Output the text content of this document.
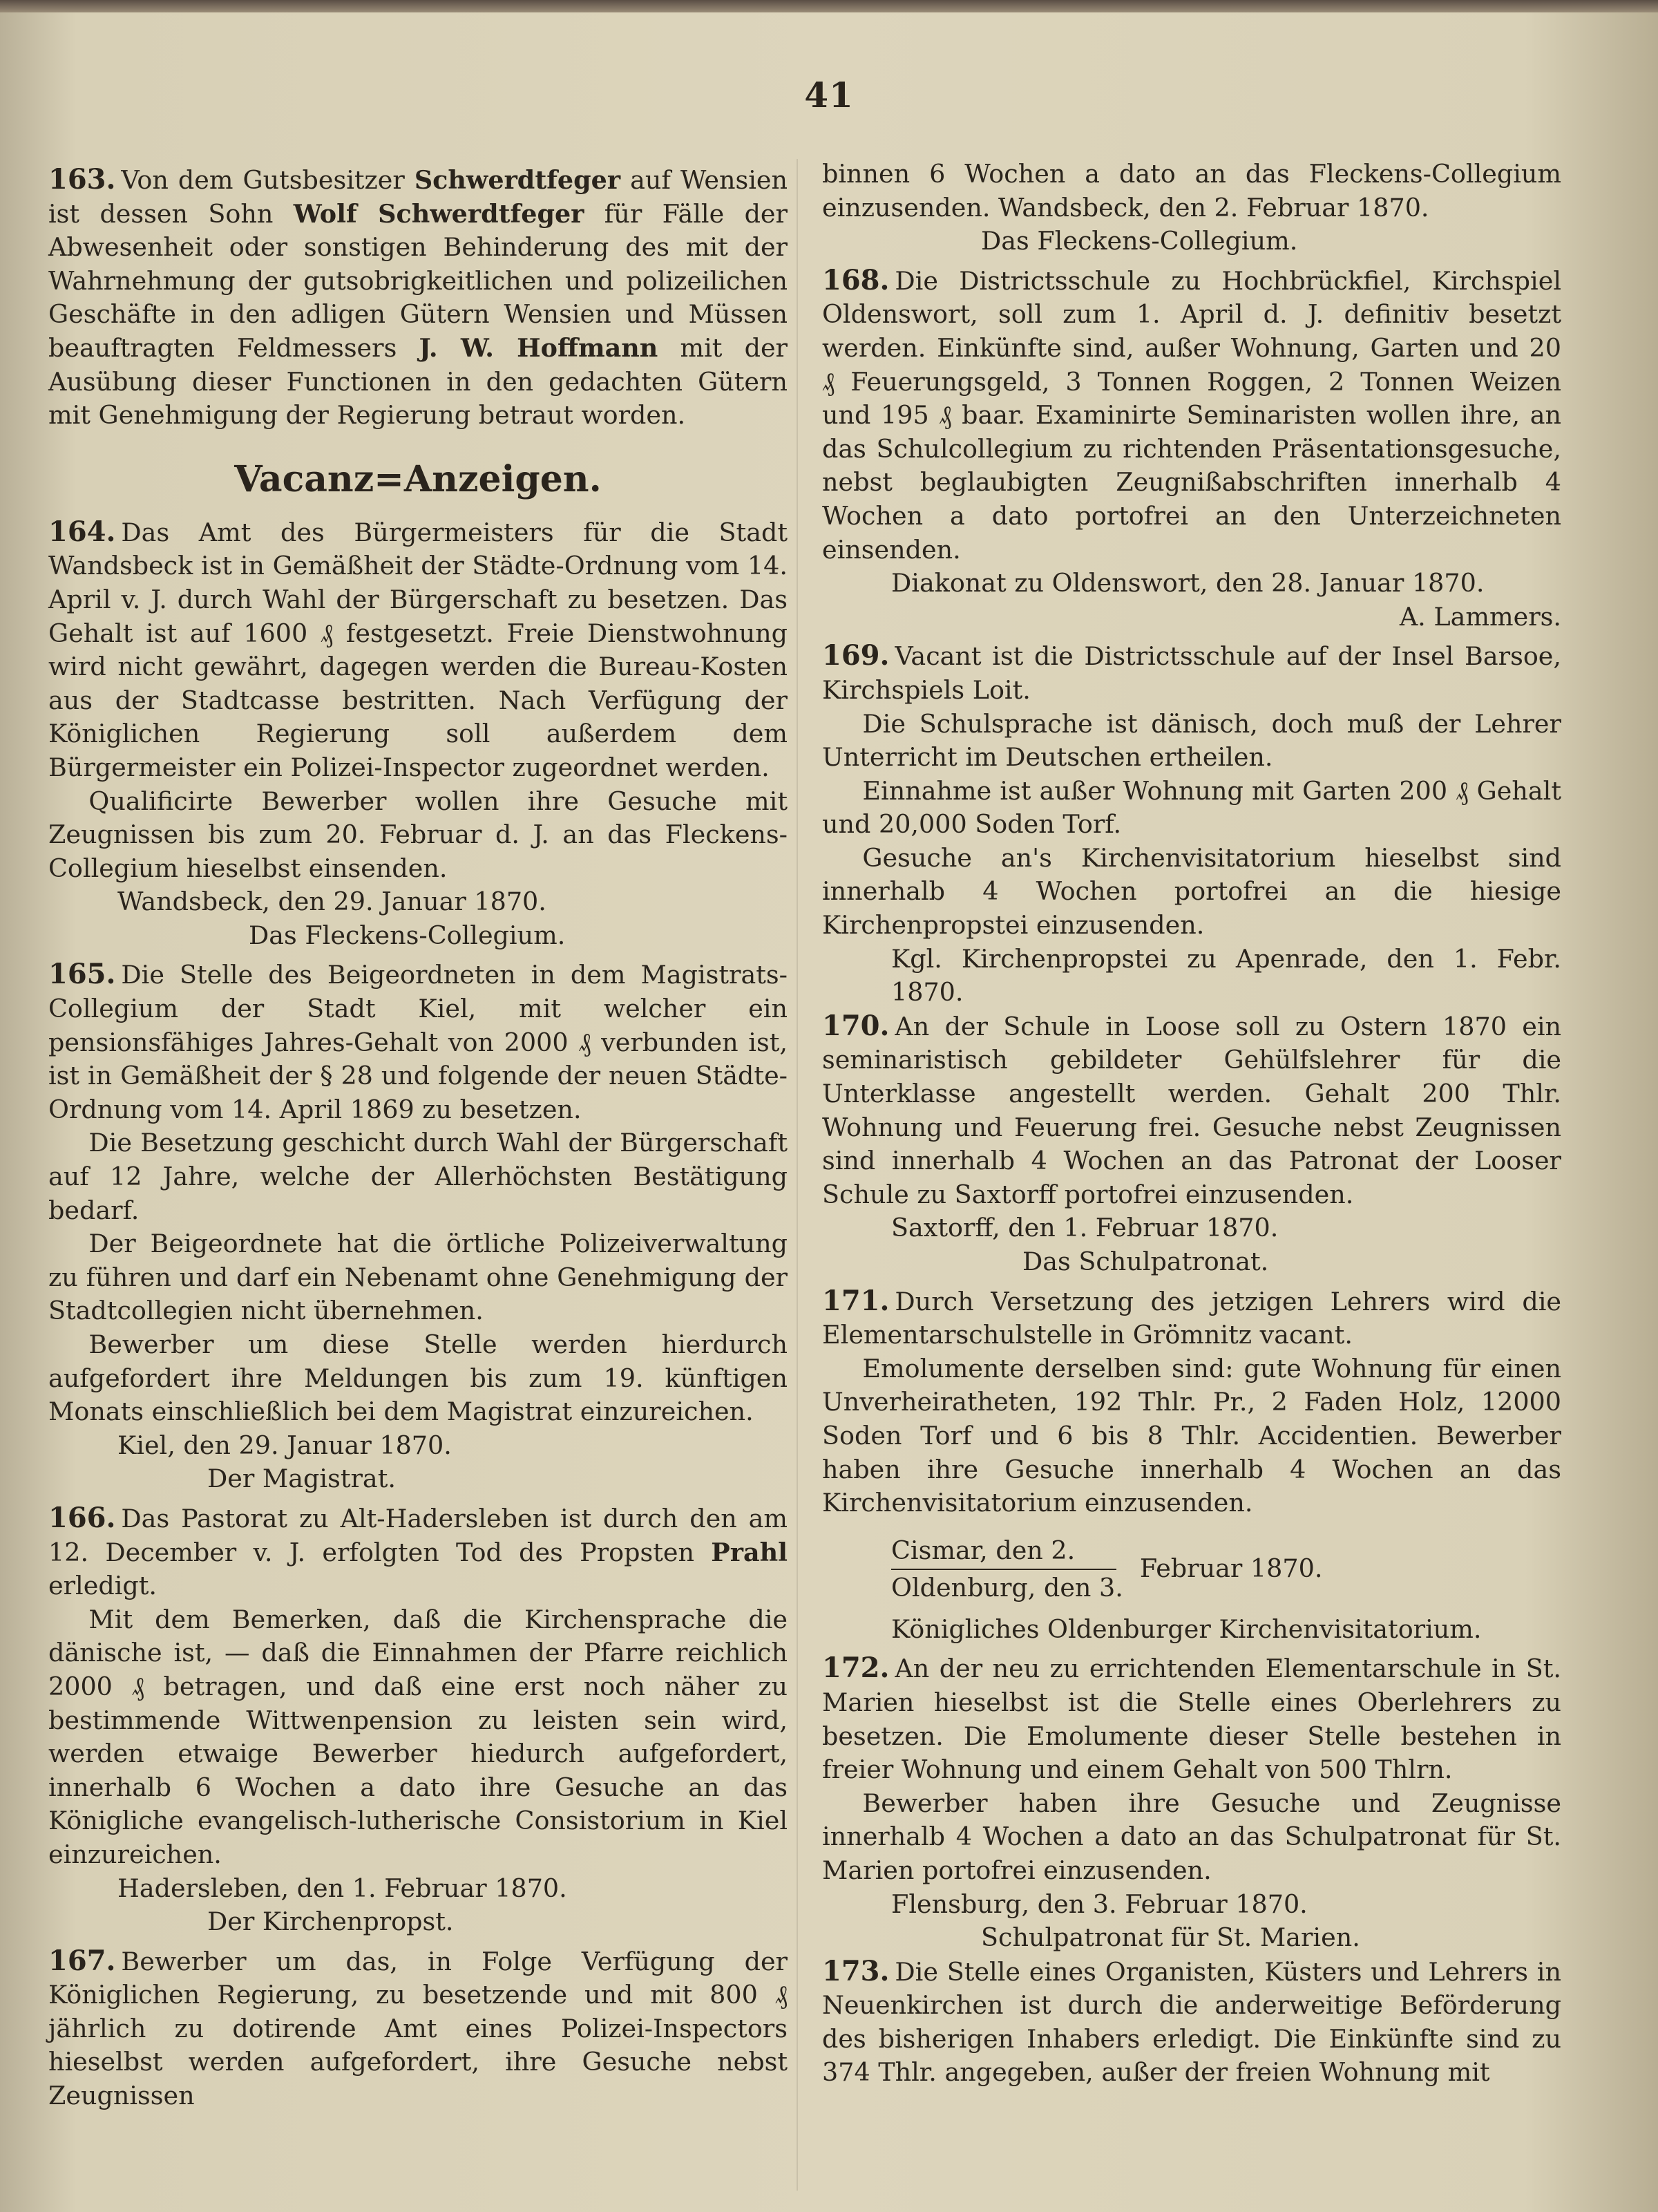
41

163. Von dem Gutsbesitzer Schwerdtfeger auf Wensien ist dessen Sohn Wolf Schwerdtfeger für Fälle der Abwesenheit oder sonstigen Behinderung des mit der Wahrnehmung der gutsobrigkeitlichen und polizeilichen Geschäfte in den adligen Gütern Wensien und Müssen beauftragten Feldmessers J. W. Hoffmann mit der Ausübung dieser Functionen in den gedachten Gütern mit Genehmigung der Regierung betraut worden.

Vacanz=Anzeigen.

164. Das Amt des Bürgermeisters für die Stadt Wandsbeck ist in Gemäßheit der Städte-Ordnung vom 14. April v. J. durch Wahl der Bürgerschaft zu besetzen. Das Gehalt ist auf 1600 ₰ festgesetzt. Freie Dienstwohnung wird nicht gewährt, dagegen werden die Bureau-Kosten aus der Stadtcasse bestritten. Nach Verfügung der Königlichen Regierung soll außerdem dem Bürgermeister ein Polizei-Inspector zugeordnet werden.

Qualificirte Bewerber wollen ihre Gesuche mit Zeugnissen bis zum 20. Februar d. J. an das Fleckens-Collegium hieselbst einsenden.

Wandsbeck, den 29. Januar 1870.

Das Fleckens-Collegium.

165. Die Stelle des Beigeordneten in dem Magistrats-Collegium der Stadt Kiel, mit welcher ein pensionsfähiges Jahres-Gehalt von 2000 ₰ verbunden ist, ist in Gemäßheit der § 28 und folgende der neuen Städte-Ordnung vom 14. April 1869 zu besetzen.

Die Besetzung geschicht durch Wahl der Bürgerschaft auf 12 Jahre, welche der Allerhöchsten Bestätigung bedarf.

Der Beigeordnete hat die örtliche Polizeiverwaltung zu führen und darf ein Nebenamt ohne Genehmigung der Stadtcollegien nicht übernehmen.

Bewerber um diese Stelle werden hierdurch aufgefordert ihre Meldungen bis zum 19. künftigen Monats einschließlich bei dem Magistrat einzureichen.

Kiel, den 29. Januar 1870.

Der Magistrat.

166. Das Pastorat zu Alt-Hadersleben ist durch den am 12. December v. J. erfolgten Tod des Propsten Prahl erledigt.

Mit dem Bemerken, daß die Kirchensprache die dänische ist, — daß die Einnahmen der Pfarre reichlich 2000 ₰ betragen, und daß eine erst noch näher zu bestimmende Wittwenpension zu leisten sein wird, werden etwaige Bewerber hiedurch aufgefordert, innerhalb 6 Wochen a dato ihre Gesuche an das Königliche evangelisch-lutherische Consistorium in Kiel einzureichen.

Hadersleben, den 1. Februar 1870.

Der Kirchenpropst.

167. Bewerber um das, in Folge Verfügung der Königlichen Regierung, zu besetzende und mit 800 ₰ jährlich zu dotirende Amt eines Polizei-Inspectors hieselbst werden aufgefordert, ihre Gesuche nebst Zeugnissen

binnen 6 Wochen a dato an das Fleckens-Collegium einzusenden. Wandsbeck, den 2. Februar 1870.

Das Fleckens-Collegium.

168. Die Districtsschule zu Hochbrückfiel, Kirchspiel Oldenswort, soll zum 1. April d. J. definitiv besetzt werden. Einkünfte sind, außer Wohnung, Garten und 20 ₰ Feuerungsgeld, 3 Tonnen Roggen, 2 Tonnen Weizen und 195 ₰ baar. Examinirte Seminaristen wollen ihre, an das Schulcollegium zu richtenden Präsentationsgesuche, nebst beglaubigten Zeugnißabschriften innerhalb 4 Wochen a dato portofrei an den Unterzeichneten einsenden.

Diakonat zu Oldenswort, den 28. Januar 1870.

A. Lammers.

169. Vacant ist die Districtsschule auf der Insel Barsoe, Kirchspiels Loit.

Die Schulsprache ist dänisch, doch muß der Lehrer Unterricht im Deutschen ertheilen.

Einnahme ist außer Wohnung mit Garten 200 ₰ Gehalt und 20,000 Soden Torf.

Gesuche an's Kirchenvisitatorium hieselbst sind innerhalb 4 Wochen portofrei an die hiesige Kirchenpropstei einzusenden.

Kgl. Kirchenpropstei zu Apenrade, den 1. Febr. 1870.

170. An der Schule in Loose soll zu Ostern 1870 ein seminaristisch gebildeter Gehülfslehrer für die Unterklasse angestellt werden. Gehalt 200 Thlr. Wohnung und Feuerung frei. Gesuche nebst Zeugnissen sind innerhalb 4 Wochen an das Patronat der Looser Schule zu Saxtorff portofrei einzusenden.

Saxtorff, den 1. Februar 1870.

Das Schulpatronat.

171. Durch Versetzung des jetzigen Lehrers wird die Elementarschulstelle in Grömnitz vacant.

Emolumente derselben sind: gute Wohnung für einen Unverheiratheten, 192 Thlr. Pr., 2 Faden Holz, 12000 Soden Torf und 6 bis 8 Thlr. Accidentien. Bewerber haben ihre Gesuche innerhalb 4 Wochen an das Kirchenvisitatorium einzusenden.

Cismar, den 2.
Oldenburg, den 3.
Februar 1870.

Königliches Oldenburger Kirchenvisitatorium.

172. An der neu zu errichtenden Elementarschule in St. Marien hieselbst ist die Stelle eines Oberlehrers zu besetzen. Die Emolumente dieser Stelle bestehen in freier Wohnung und einem Gehalt von 500 Thlrn.

Bewerber haben ihre Gesuche und Zeugnisse innerhalb 4 Wochen a dato an das Schulpatronat für St. Marien portofrei einzusenden.

Flensburg, den 3. Februar 1870.

Schulpatronat für St. Marien.

173. Die Stelle eines Organisten, Küsters und Lehrers in Neuenkirchen ist durch die anderweitige Beförderung des bisherigen Inhabers erledigt. Die Einkünfte sind zu 374 Thlr. angegeben, außer der freien Wohnung mit
